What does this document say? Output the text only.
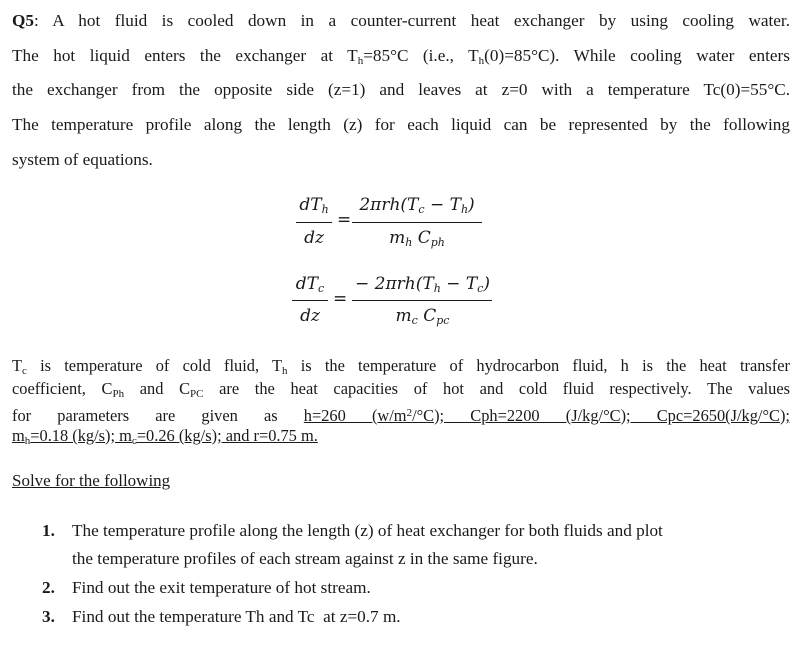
Q5: A hot fluid is cooled down in a counter-current heat exchanger by using cooling water.
The hot liquid enters the exchanger at $T_h=85^\circ C$ (i.e., $T_h(0)=85^\circ C$). While cooling water enters
the exchanger from the opposite side (z=1) and leaves at z=0 with a temperature Tc(0)=55°C.
The temperature profile along the length (z) for each liquid can be represented by the following
system of equations.
$dT_h$
dz
=
$2\pi rh(T_c - T_h)$
$m_h$ $C_{ph}$
$dT_c$
dz
=
− $2\pi rh(T_h - T_c)$
$m_c$ $C_{pc}$
$T_c$ is temperature of cold fluid, $T_h$ is the temperature of hydrocarbon fluid, h is the heat transfer
coefficient, $C_{Ph}$ and $C_{PC}$ are the heat capacities of hot and cold fluid respectively. The values
for parameters are given as h=260 $(w/m^2/^\circ C)$; Cph=2200 (J/kg/°C); Cpc=2650(J/kg/°C);
$m_h=0.18$ (kg/s); $m_c=0.26$ (kg/s); and r=0.75 m.
Solve for the following
1. The temperature profile along the length (z) of heat exchanger for both fluids and plot
the temperature profiles of each stream against z in the same figure.
2. Find out the exit temperature of hot stream.
3. Find out the temperature Th and Tc  at z=0.7 m.
